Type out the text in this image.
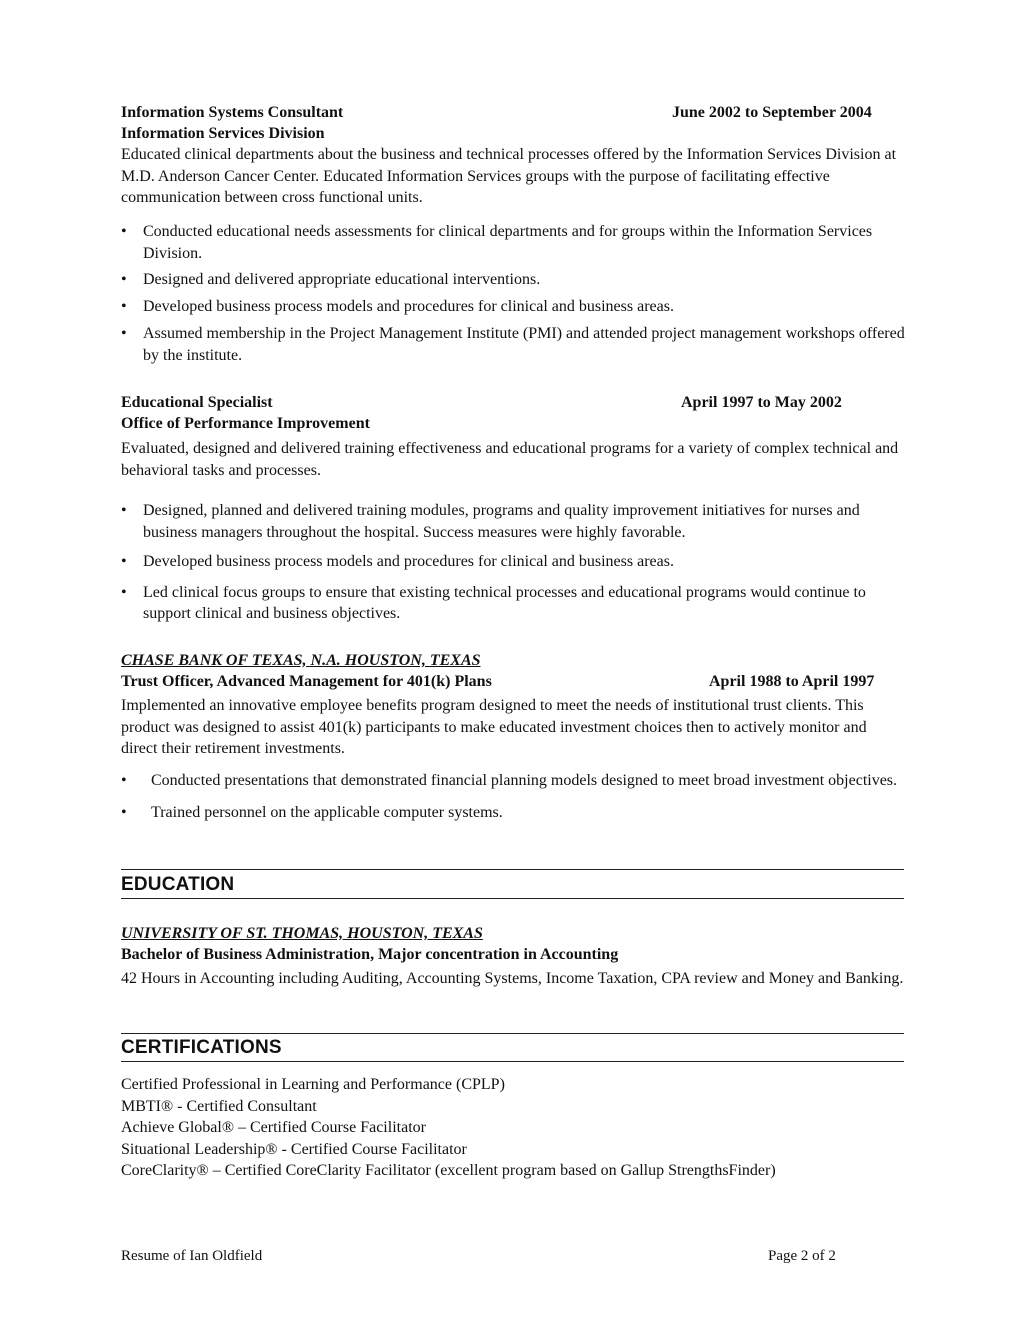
Information Systems Consultant	June 2002 to September 2004
Information Services Division
Educated clinical departments about the business and technical processes offered by the Information Services Division at M.D. Anderson Cancer Center. Educated Information Services groups with the purpose of facilitating effective communication between cross functional units.
• Conducted educational needs assessments for clinical departments and for groups within the Information Services Division.
• Designed and delivered appropriate educational interventions.
• Developed business process models and procedures for clinical and business areas.
• Assumed membership in the Project Management Institute (PMI) and attended project management workshops offered by the institute.
Educational Specialist	April 1997 to May 2002
Office of Performance Improvement
Evaluated, designed and delivered training effectiveness and educational programs for a variety of complex technical and behavioral tasks and processes.
• Designed, planned and delivered training modules, programs and quality improvement initiatives for nurses and business managers throughout the hospital. Success measures were highly favorable.
• Developed business process models and procedures for clinical and business areas.
• Led clinical focus groups to ensure that existing technical processes and educational programs would continue to support clinical and business objectives.
CHASE BANK OF TEXAS, N.A. HOUSTON, TEXAS
Trust Officer, Advanced Management for 401(k) Plans	April 1988 to April 1997
Implemented an innovative employee benefits program designed to meet the needs of institutional trust clients. This product was designed to assist 401(k) participants to make educated investment choices then to actively monitor and direct their retirement investments.
• Conducted presentations that demonstrated financial planning models designed to meet broad investment objectives.
• Trained personnel on the applicable computer systems.
EDUCATION
UNIVERSITY OF ST. THOMAS, HOUSTON, TEXAS
Bachelor of Business Administration, Major concentration in Accounting
42 Hours in Accounting including Auditing, Accounting Systems, Income Taxation, CPA review and Money and Banking.
CERTIFICATIONS
Certified Professional in Learning and Performance (CPLP)
MBTI® - Certified Consultant
Achieve Global® – Certified Course Facilitator
Situational Leadership® - Certified Course Facilitator
CoreClarity® – Certified CoreClarity Facilitator (excellent program based on Gallup StrengthsFinder)
Resume of Ian Oldfield	Page 2 of 2
